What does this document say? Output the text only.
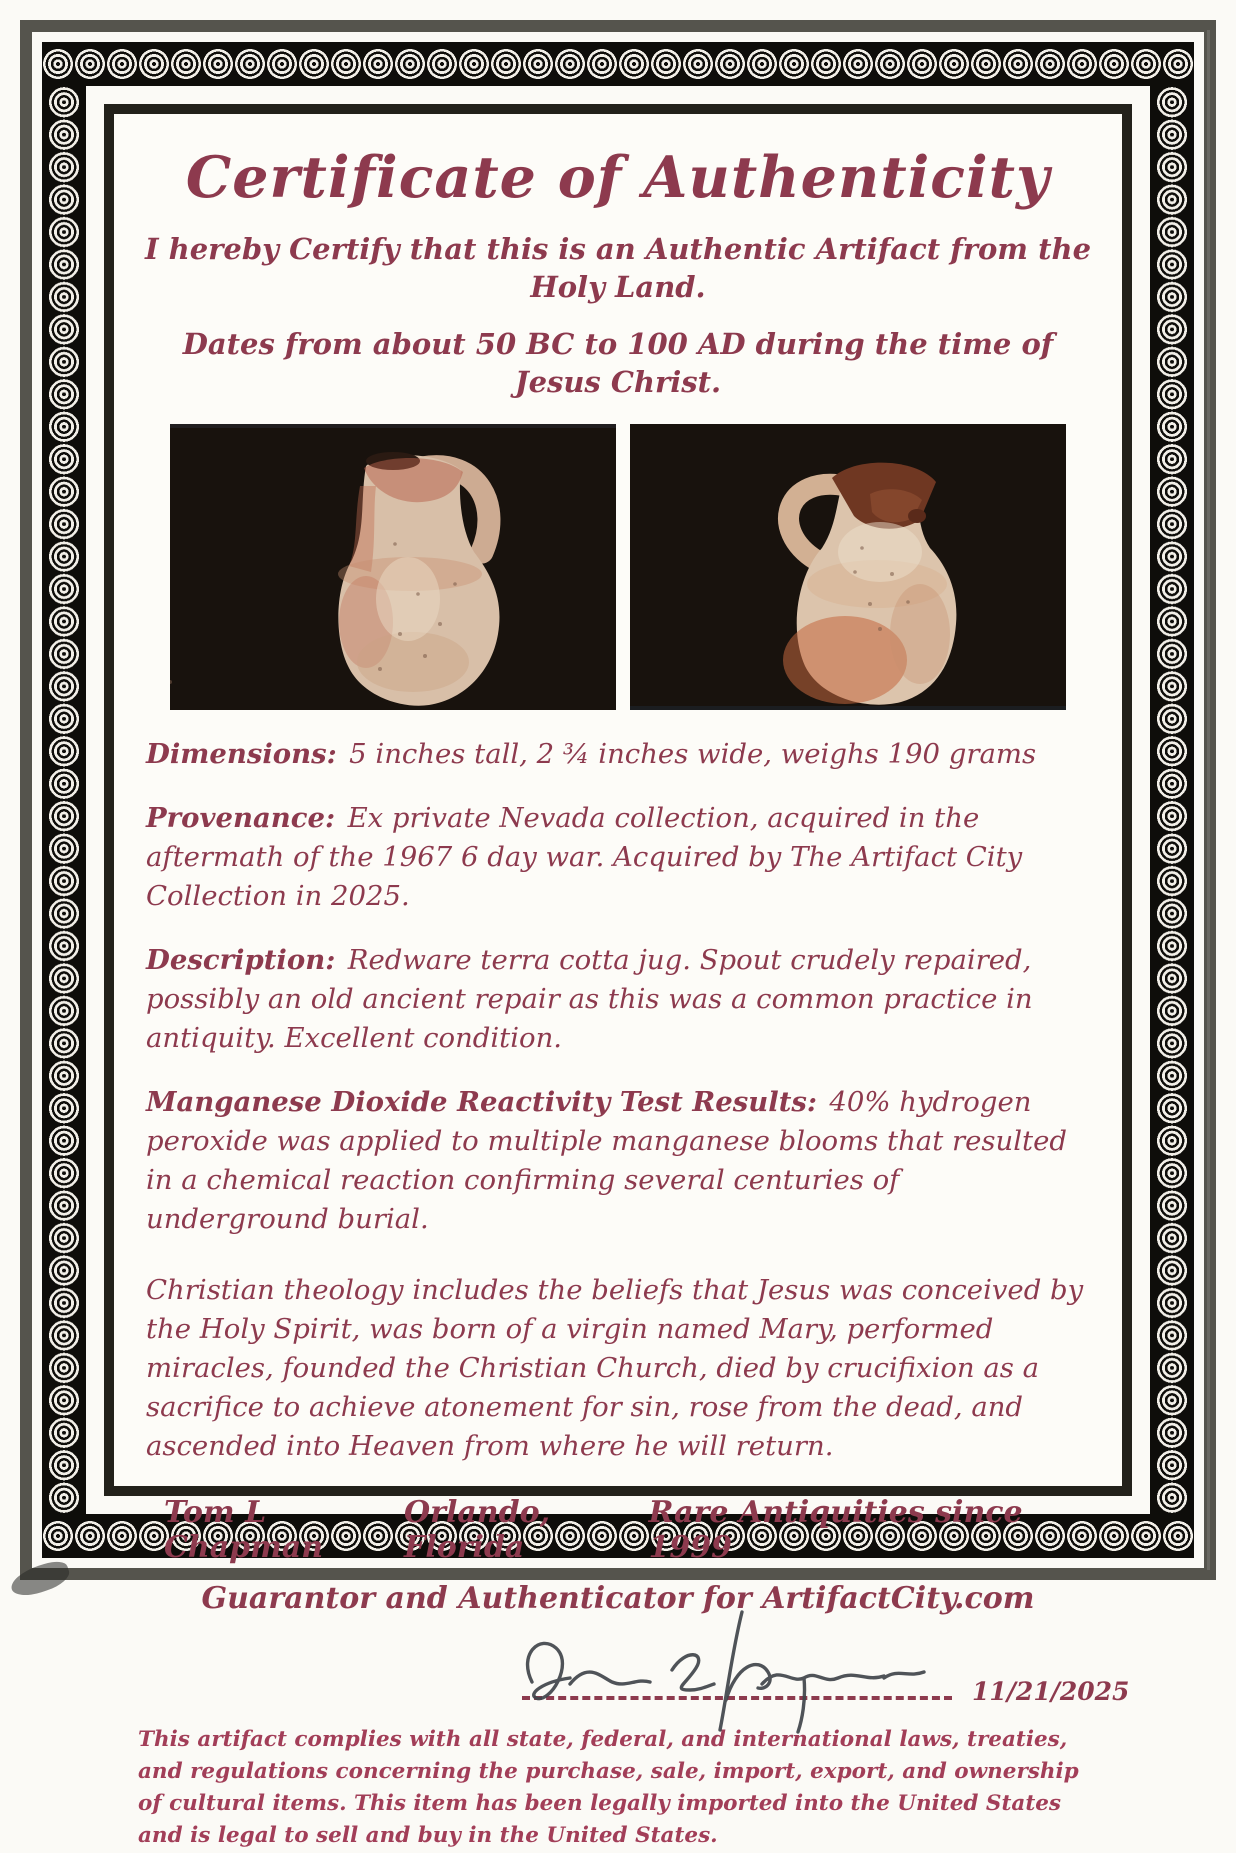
Certificate of Authenticity

I hereby Certify that this is an Authentic Artifact from the Holy Land.

Dates from about 50 BC to 100 AD during the time of Jesus Christ.

Dimensions: 5 inches tall, 2 ¾ inches wide, weighs 190 grams

Provenance: Ex private Nevada collection, acquired in the aftermath of the 1967 6 day war. Acquired by The Artifact City Collection in 2025.

Description: Redware terra cotta jug. Spout crudely repaired, possibly an old ancient repair as this was a common practice in antiquity. Excellent condition.

Manganese Dioxide Reactivity Test Results: 40% hydrogen peroxide was applied to multiple manganese blooms that resulted in a chemical reaction confirming several centuries of underground burial.

Christian theology includes the beliefs that Jesus was conceived by the Holy Spirit, was born of a virgin named Mary, performed miracles, founded the Christian Church, died by crucifixion as a sacrifice to achieve atonement for sin, rose from the dead, and ascended into Heaven from where he will return.

Tom L Chapman
Orlando, Florida
Rare Antiquities since 1999

Guarantor and Authenticator for ArtifactCity.com

11/21/2025

This artifact complies with all state, federal, and international laws, treaties, and regulations concerning the purchase, sale, import, export, and ownership of cultural items. This item has been legally imported into the United States and is legal to sell and buy in the United States.
